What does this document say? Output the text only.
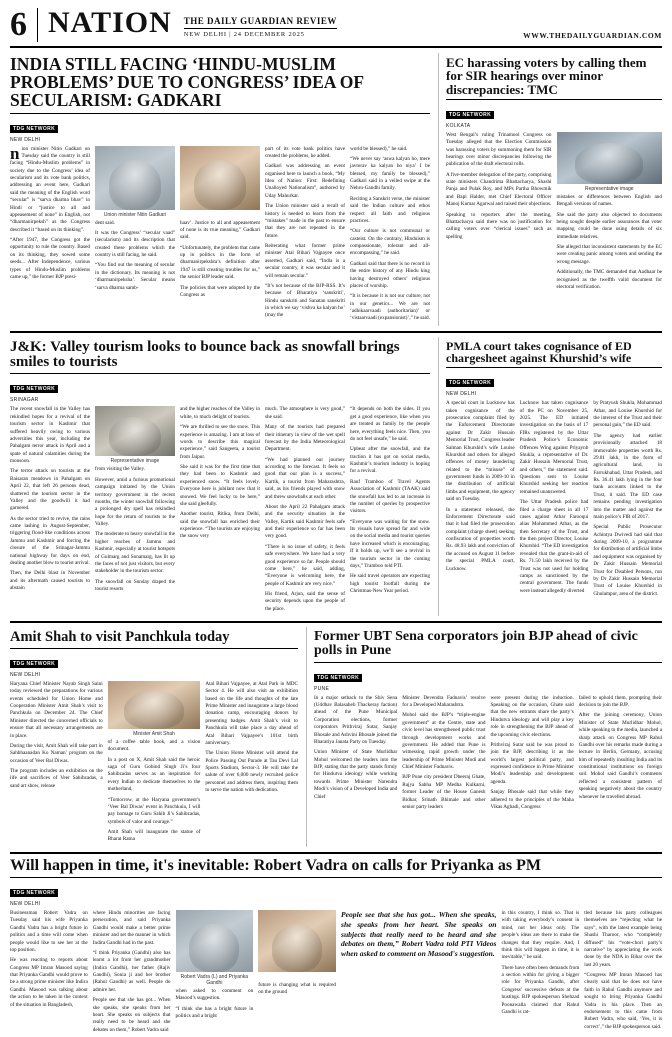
6 NATION	THE DAILY GUARDIAN REVIEW
NEW DELHI | 24 DECEMBER 2025	WWW.THEDAILYGUARDIAN.COM
INDIA STILL FACING ‘HINDU-MUSLIM PROBLEMS’ DUE TO CONGRESS’ IDEA OF SECULARISM: GADKARI
TDG NETWORK
NEW DELHI

nion minister Nitin Gadkari on Tuesday said the country is still facing “Hindu-Muslim problems” in society due to the Congress’ idea of secularism and its vote bank politics, addressing an event here, Gadkari said the meaning of the English word “secular” is “sarva dharma bhav” in Hindi or “justice to all and appeasement of none” in English, not “dharmanirpeksh” as the Congress described it “based on its thinking”.

“After 1947, the Congress got the opportunity to rule the country. Based on its thinking, they sowed some seeds... After Independence, various types of Hindu-Muslim problems came up,” the former BJP presi-

Union minister Nitin Gadkari

dent said.

It was the Congress’ “secular vaad” (secularism) and its description that created these problems which the country is still facing, he said.

“You find out the meaning of secular in the dictionary. Its meaning is not ‘dharmanirpeksha’. Secular means ‘sarva dharma samb-

haav’. Justice to all and appeasement of none is its true meaning,” Gadkari said.

“Unfortunately, the problem that came up in politics in the form of dharmanirpekshta’s definition after 1947 is still creating troubles for us,” the senior BJP leader said.

The policies that were adopted by the Congress as

part of its vote bank politics have created the problems, he added.

Gadkari was addressing an event organised here to launch a book, “My Idea of Nation: First: Redefining Unalloyed Nationalism”, authored by Uday Mahurkar.

The Union minister said a recall of history is needed to learn from the “mistakes” made in the past to ensure that they are not repeated in the future.

Reiterating what former prime minister Atal Bihari Vajpayee once asserted, Gadkari said, “India is a secular country, it was secular and it will remain secular.”

“It’s not because of the BJP-RSS. It’s because of Bharatiya ‘sanskriti’, Hindu sanskriti and Sanatan sanskriti in which we say ‘vishva ka kalyan ho’ (may the

world be blessed),” he said.

“We never say ‘aswa kalyan ho, mere javtorav ka kalyan ho niya’ I be blessed, my family be blessed),” Gadkari said in a veiled swipe at the Nehru-Gandhi family.

Reciting a Sanskrit verse, the minister said the Indian culture and ethos respect all faith and religious practices.

“Our culture is not communal or casteist. On the contrary, Hinduism is compassionate, tolerant and all-encompassing,” he said.

Gadkari said that there is no record in the entire history of any Hindu king having destroyed others’ religious places of worship.

“It is because it is not our culture, not in our genetics... We are not ‘adhikaarvaadi (authoritarian)’ or ‘vistaarvaadi (expansionist)’,” he said.

EC harassing voters by calling them for SIR hearings over minor discrepancies: TMC
TDG NETWORK
KOLKATA

West Bengal’s ruling Trinamool Congress on Tuesday alleged that the Election Commission was harassing voters by summoning them for SIR hearings over minor discrepancies following the publication of the draft electoral rolls.

A five-member delegation of the party, comprising state ministers Chandrima Bhattacharya, Shashi Panja and Pulak Roy, and MPs Partha Bhowmik and Bapi Halder, met Chief Electoral Officer Manoj Kumar Agarwal and raised their objections.

Speaking to reporters after the meeting, Bhattacharya said there was no justification for calling voters over “clerical issues” such as spelling

Representative image

mistakes or differences between English and Bengali versions of names.

She said the party also objected to documents being sought despite earlier assurances that voter mapping could be done using details of six immediate relatives.

She alleged that inconsistent statements by the EC were creating panic among voters and sending the wrong message.

Additionally, the TMC demanded that Aadhaar be recognised as the twelfth valid document for electoral verification.

J&K: Valley tourism looks to bounce back as snowfall brings smiles to tourists
TDG NETWORK
SRINAGAR

The recent snowfall in the Valley has rekindled hopes for a revival of the tourism sector in Kashmir that suffered heavily owing to various adversities this year, including the Pahalgam terror attack in April and a spate of natural calamities during the monsoon.

The terror attack on tourists at the Baisaran meadows in Pahalgam on April 22, that left 26 persons dead, shattered the tourism sector in the Valley and the goodwill it had garnered.

As the sector tried to revive, the rains came lashing in August-September, triggering flood-like conditions across Jammu and Kashmir and forcing the closure of the Srinagar-Jammu national highway for days on end, dealing another blow to tourist arrival.

Then, the Delhi blast in November and its aftermath caused tourists to abstain

Representative image

from visiting the Valley.

However, amid a furious promotional campaign initiated by the Union territory government in the recent months, the winter snowfall following a prolonged dry spell has rekindled hope for the return of tourists to the Valley.

The moderate to heavy snowfall in the higher reaches of Jammu and Kashmir, especially at tourist hotspots of Gulmarg and Sonamarg, has lit up the faces of not just visitors, but every stakeholder in the tourism sector.

The snowfall on Sunday draped the tourist resorts

and the higher reaches of the Valley in white, to much delight of tourists.

“We are thrilled to see the snow. This experience is amazing. I am at loss of words to describe this magical experience,” said Sangeeta, a tourist from Jaipur.

She said it was for the first time that they had been to Kashmir and experienced snow. “It feels lovely. Everyone here is jubilant now that it snowed. We feel lucky to be here,” she said gleefully.

Another tourist, Ritika, from Delhi, said the snowfall has enriched their experience. “The tourists are enjoying the snow very

much. The atmosphere is very good,” she said.

Many of the tourists had prepared their itinerary in view of the wet spell forecast by the India Meteorological Department.

“We had planned our journey according to the forecast. It feels so good that our plan is a success,” Kartik, a tourist from Maharashtra, said, as his friends played with snow and threw snowballs at each other.

About the April 22 Pahalgam attack and the security situation in the Valley, Kartik said Kashmir feels safe and their experience so far has been very good.

“There is no issue of safety, it feels safe everywhere. We have had a very good experience so far. People should come here,” he said, adding, “Everyone is welcoming here, the people of Kashmir are very nice.”

His friend, Arjun, said the sense of security depends upon the people of the place.

“It depends on both the sides. If you get a good experience, like when you are treated as family by the people here, everything feels nice. Then, you do not feel unsafe,” he said.

Upbeat after the snowfall, and the traction it has got on social media, Kashmir’s tourism industry is hoping for a revival.

Rauf Tramboo of Travel Agents Association of Kashmir (TAAK) said the snowfall has led to an increase in the number of queries by prospective visitors.

“Everyone was waiting for the snow. Its visuals have spread far and wide on the social media and tourist queries have increased which is encouraging. If it holds up, we’ll see a revival in the tourism sector in the coming days,” Tramboo told PTI.

He said travel operators are expecting high tourist footfall during the Christmas-New Year period.

PMLA court takes cognisance of ED chargesheet against Khurshid’s wife
TDG NETWORK
NEW DELHI

A special court in Lucknow has taken cognisance of the prosecution complaint filed by the Enforcement Directorate against Dr Zakir Hussain Memorial Trust, Congress leader Salman Khurshid’s wife Louise Khurshid and others for alleged offences of money laundering related to the “misuse” of government funds in 2009-10 in the distribution of artificial limbs and equipment, the agency said on Tuesday.

In a statement released, the Enforcement Directorate said that it had filed the prosecution complaint (charge sheet) seeking confiscation of properties worth Rs. 48.93 lakh and conviction of the accused on August 11 before the special PMLA court, Lucknow.

Lucknow has taken cognisance of the PC on November 25, 2025. The ED initiated investigation on the basis of 17 FIRs registered by the Uttar Pradesh Police’s Economic Offences Wing against Priyaynb Shukla, a representative of Dr. Zakir Hussain Memorial Trust, and others,” the statement said. Questions sent to Louise Khurshid seeking her reaction remained unanswered.

The Uttar Pradesh police had filed a charge sheet in all 17 cases against Athar Farooqui alias Mohammed Athar, as the then Secretary of the Trust, and the then project Director, Louise Khurshid. “The ED investigation revealed that the grant-in-aid of Rs. 71.50 lakh received by the Trust was not used for holding camps as sanctioned by the central government. The funds were instead allegedly diverted

by Pratyush Shukla, Mohammad Athar, and Louise Khurshid for the interest of the Trust and their personal gain,” the ED said.

The agency had earlier provisionally attached 18 immovable properties worth Rs. 29.81 lakh, in the form of agricultural land, in Farrukhabad, Uttar Pradesh, and Rs. 36.41 lakh lying in the four bank accounts linked to the Trust, it said. The ED case remains pending investigation into the matter and against the main police’s FIR of 2017.

Special Public Prosecutor Achintya Dwivedi had said that during 2009-10, a programme for distribution of artificial limbs and equipment was organised by Dr Zakir Hussain Memorial Trust for Disabled Persons, run by Dr Zakir Hussain Memorial Trust of Louise Khurshid in Ghulampur, area of the district.

Amit Shah to visit Panchkula today
TDG NETWORK
NEW DELHI

Haryana Chief Minister Nayab Singh Saini today reviewed the preparations for various events scheduled for Union Home and Cooperation Minister Amit Shah’s visit to Panchkula on December 24. The Chief Minister directed the concerned officials to ensure that all necessary arrangements are in place.

During the visit, Amit Shah will take part in Sahbhaanadan Ko Naman’ program on the occasion of Veer Bal Diwas.

The program includes an exhibition on the life and sacrifices of Veer Sahibzadas, a sand art show, release

Minister Amit Shah

of a coffee table book, and a vision document.

In a post on X, Amit Shah said the heroic saga of Guru Gobind Singh Ji’s four Sahibzadas serves as an inspiration for every Indian to dedicate themselves to the motherland,

“Tomorrow, at the Haryana government’s ‘Veer Bal Diwas’ event in Panchkula, I will pay homage to Guru Sahib Ji’s Sahibzadas, symbols of valor and courage.”

Amit Shah will inaugurate the statue of Bharat Ratna

Atal Bihari Vajpayee, at Atal Park in MDC Sector 4. He will also visit an exhibition based on the life and thoughts of the late Prime Minister and inaugurate a large blood donation camp, encouraging donors by presenting badges. Amit Shah’s visit to Panchkula will take place a day ahead of Atal Bihari Vajpayee’s 101st birth anniversary.

The Union Home Minister will attend the Police Passing Out Parade at Tau Devi Lal Sports Stadium, Sector-3. He will take the salute of over 6,000 newly recruited police personnel and address them, inspiring them to serve the nation with dedication.

Former UBT Sena corporators join BJP ahead of civic polls in Pune
TDG NETWORK
PUNE

In a major setback to the Shiv Sena (Uddhav Balasaheb Thackeray faction) ahead of the Pune Municipal Corporation elections, former corporators Prithviraj Sutar, Sanjay Bhosale and Ashvini Bhosale joined the Bharatiya Janata Party on Tuesday.

Union Minister of State Murlidhar Mohol welcomed the leaders into the BJP, stating that the party stands firmly for Hindutva ideology while working towards Prime Minister Narendra Modi’s vision of a Developed India and Chief

Minister Devendra Fadnavis’ resolve for a Developed Maharashtra.

Mohol said the BJP’s “triple-engine government” at the Centre, state and civic level has strengthened public trust through development works and government. He added that Pune is witnessing rapid growth under the leadership of Prime Minister Modi and Chief Minister Fadnavis.

BJP Pune city president Dheeraj Ghate, Rajya Sabha MP Medha Kulkarni, former Leader of the House Ganesh Bidkar, Srinath Bhimale and other senior party leaders

were present during the induction. Speaking on the occasion, Ghate said that the new entrants share the party’s Hindutva ideology and will play a key role in strengthening the BJP ahead of the upcoming civic elections.

Prithviraj Sutar said he was proud to join the BJP, describing it as the world’s largest political party, and expressed confidence in Prime Minister Modi’s leadership and development agenda.

Sanjay Bhosale said that while they adhered to the principles of the Maha Vikas Aghadi, Congress

failed to uphold them, prompting their decision to join the BJP.

After the joining ceremony, Union Minister of State Murlidhar Mohol, while speaking to the media, launched a sharp attack on Congress MP Rahul Gandhi over his remarks made during a lecture in Berlin, Germany, accusing him of repeatedly insulting India and its constitutional institutions on foreign soil. Mohol said Gandhi’s comments reflected a consistent pattern of speaking negatively about the country whenever he travelled abroad.

Will happen in time, it's inevitable: Robert Vadra on calls for Priyanka as PM
TDG NETWORK
NEW DELHI

Businessman Robert Vadra on Tuesday said his wife Priyanka Gandhi Vadra has a bright future in politics and a time will come when people would like to see her at the top position.

He was reacting to reports about Congress MP Imran Masood saying that Priyanka Gandhi would prove to be a strong prime minister like Indira Gandhi. Masood was talking about the action to be taken in the context of the situation in Bangladesh,

where Hindu minorities are facing persecution, and said Priyanka Gandhi would make a better prime minister and set the manner in which Indira Gandhi had in the past.

“I think Priyanka (Gandhi) also has learnt a lot from her grandmother (Indira Gandhi), her father (Rajiv Gandhi), Sonia ji and her brother (Rahul Gandhi) as well. People do admire her.

People see that she has got... When she speaks, she speaks from her heart. She speaks on subjects that really need to be heard and she debates on them,” Robert Vadra said

Robert Vadra (L) and Priyanka Gandhi

when asked to comment on Masood’s suggestion.

“I think she has a bright future in politics and a bright

future is changing what is required on the ground

People see that she has got... When she speaks, she speaks from her heart. She speaks on subjects that really need to be heard and she debates on them,” Robert Vadra told PTI Videos when asked to comment on Masood's suggestion.

in this country, I think so. That is with taking everybody’s consent in mind, not her ideas only. The people’s ideas are there to make the changes that they require. And, I think this will happen in time, it is inevitable,” he said.

There have often been demands from a section within for giving a bigger role for Priyanka Gandhi, after Congress’ successive defeats at the hustings. BJP spokesperson Shehzad Poonawalla claimed that Rahul Gandhi is rat-

tled because his party colleagues themselves are “rejecting what he says”, with the latest example being Shashi Tharoor, who “completely diffused” his “vote-chori party’s narrative” by appreciating the work done by the NDA in Bihar over the last 20 years.

“Congress MP Imran Masood has clearly said that he does not have faith in Rahul Gandhi anymore and sought to bring Priyanka Gandhi Vadra in his place. Then an endorsement to this came from Robert Vadra, who said, ‘Yes, it is correct’,” the BJP spokesperson said.
